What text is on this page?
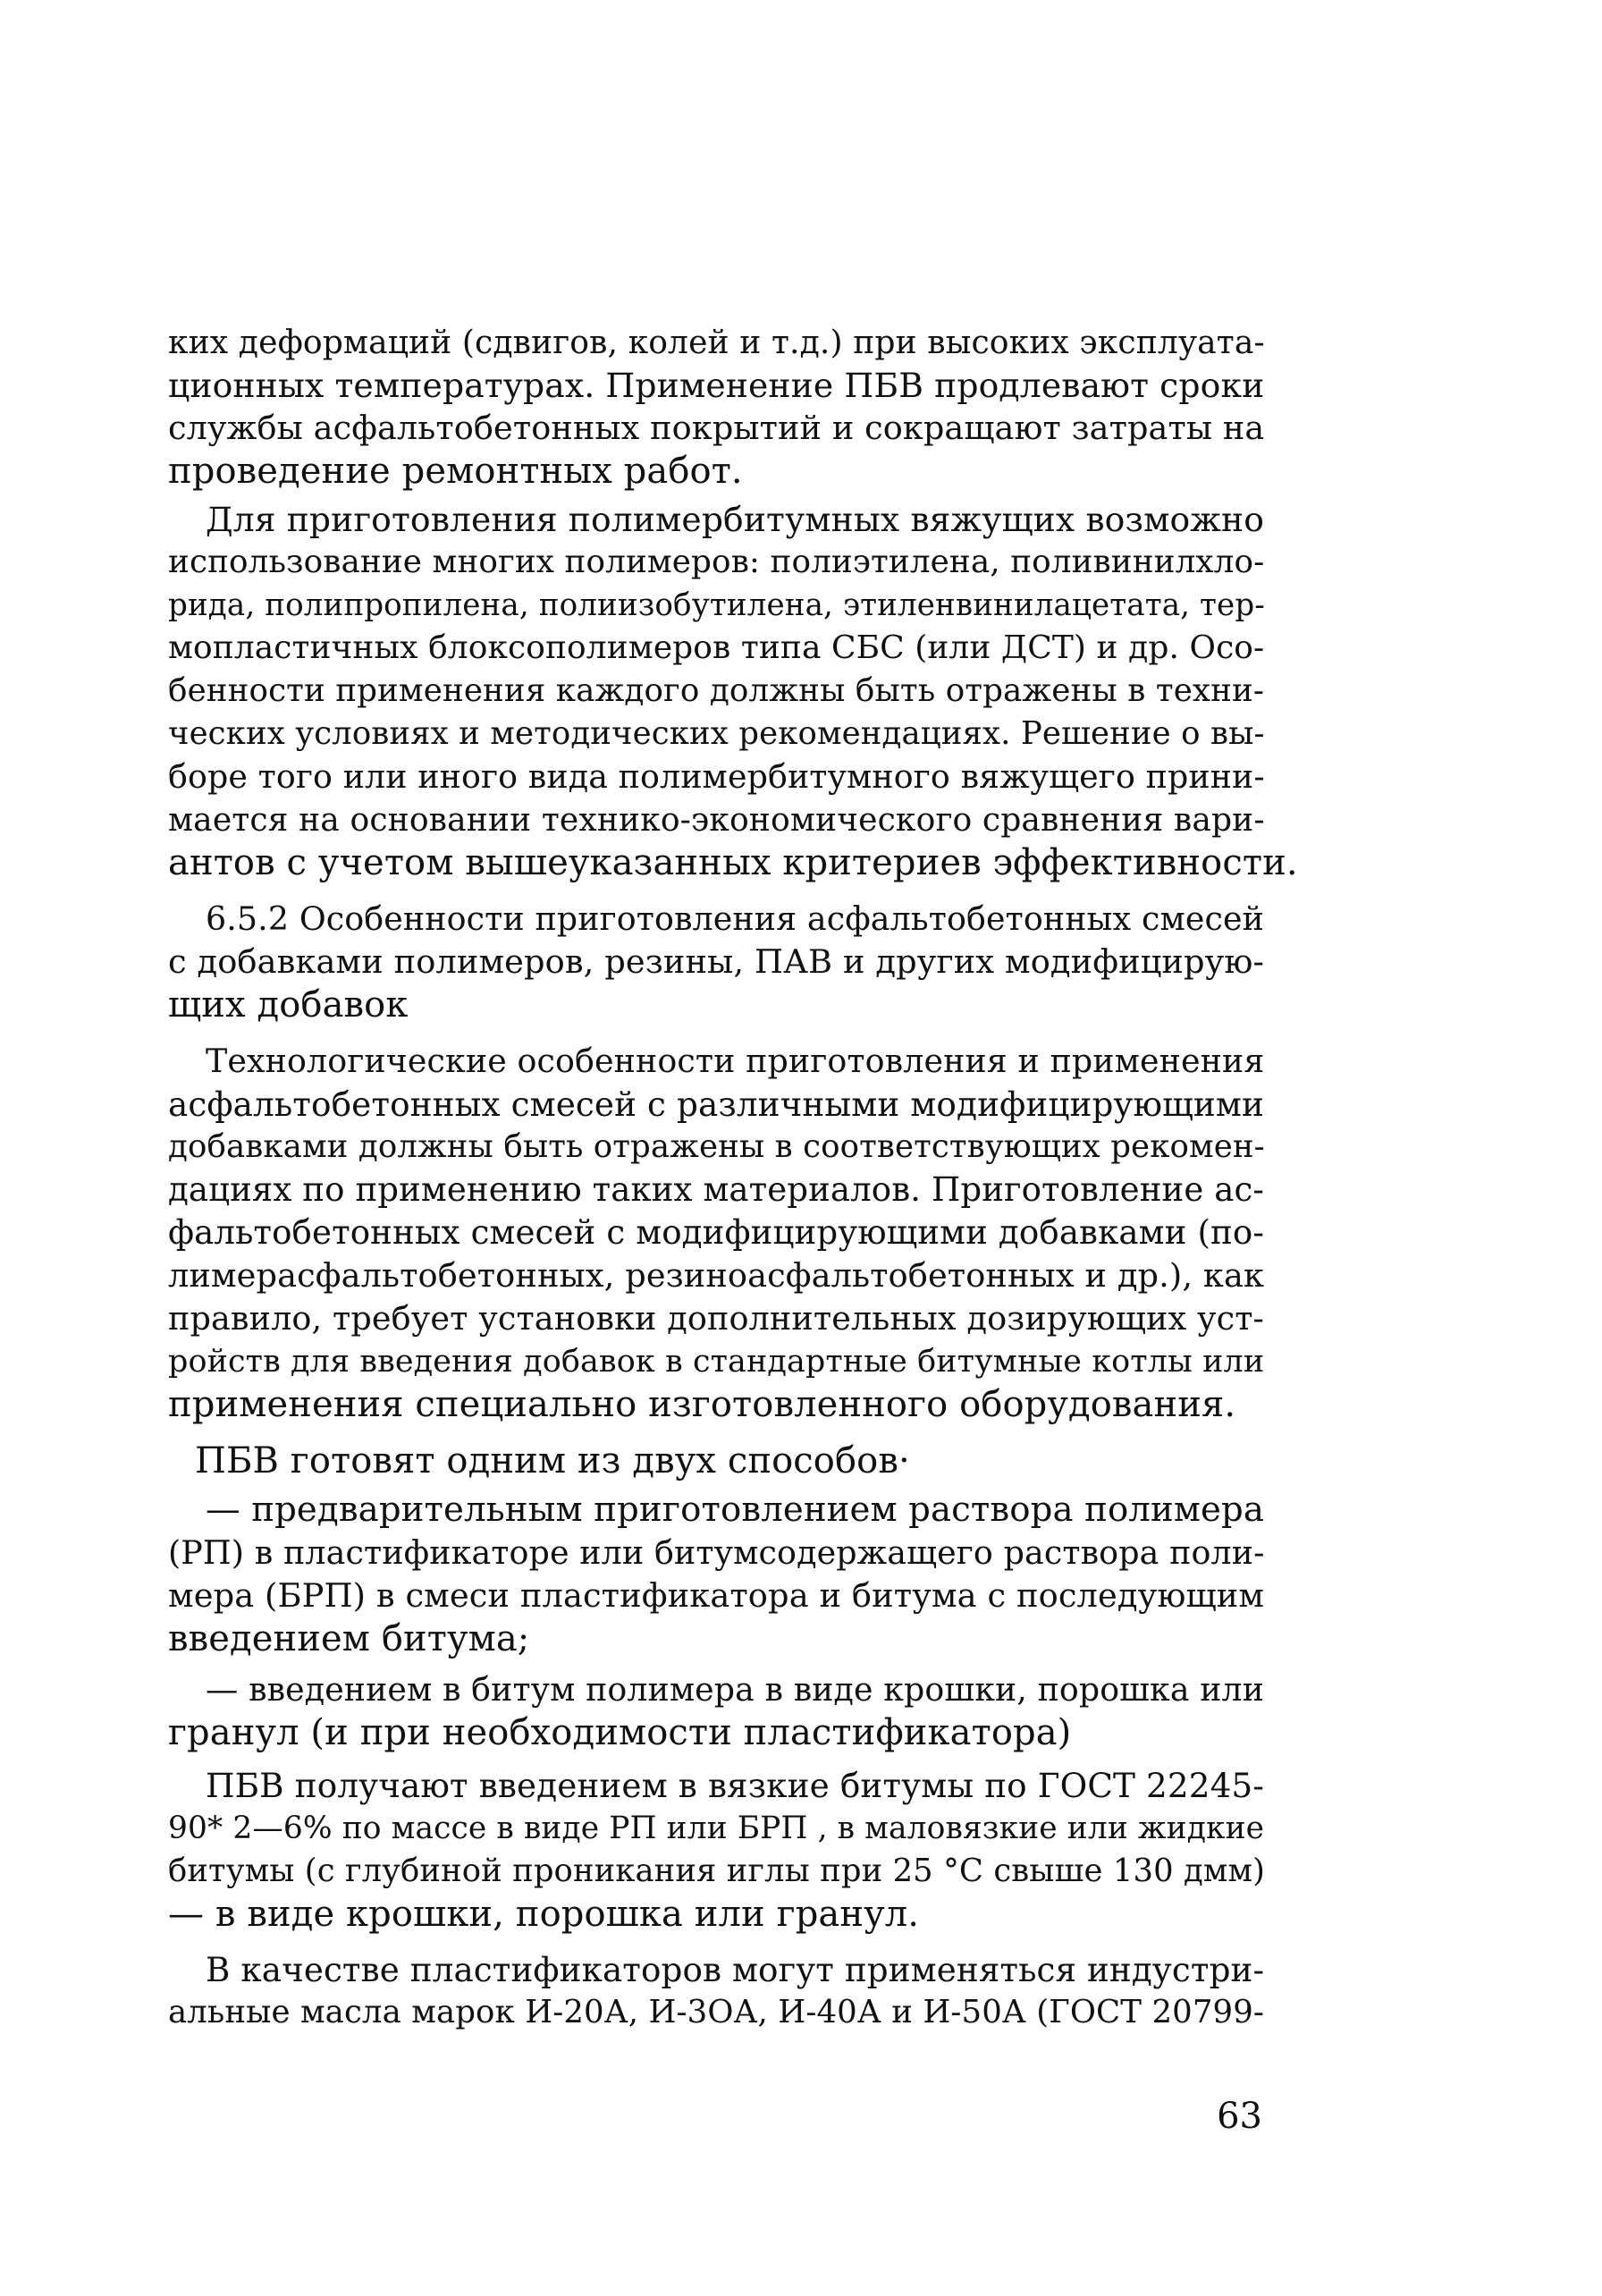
ких деформаций (сдвигов, колей и т.д.) при высоких эксплуата-
ционных температурах. Применение ПБВ продлевают сроки
службы асфальтобетонных покрытий и сокращают затраты на
проведение ремонтных работ.
Для приготовления полимербитумных вяжущих возможно
использование многих полимеров: полиэтилена, поливинилхло-
рида, полипропилена, полиизобутилена, этиленвинилацетата, тер-
мопластичных блоксополимеров типа СБС (или ДСТ) и др. Осо-
бенности применения каждого должны быть отражены в техни-
ческих условиях и методических рекомендациях. Решение о вы-
боре того или иного вида полимербитумного вяжущего прини-
мается на основании технико-экономического сравнения вари-
антов с учетом вышеуказанных критериев эффективности.
6.5.2 Особенности приготовления асфальтобетонных смесей
с добавками полимеров, резины, ПАВ и других модифицирую-
щих добавок
Технологические особенности приготовления и применения
асфальтобетонных смесей с различными модифицирующими
добавками должны быть отражены в соответствующих рекомен-
дациях по применению таких материалов. Приготовление ас-
фальтобетонных смесей с модифицирующими добавками (по-
лимерасфальтобетонных, резиноасфальтобетонных и др.), как
правило, требует установки дополнительных дозирующих уст-
ройств для введения добавок в стандартные битумные котлы или
применения специально изготовленного оборудования.
ПБВ готовят одним из двух способов·
— предварительным приготовлением раствора полимера
(РП) в пластификаторе или битумсодержащего раствора поли-
мера (БРП) в смеси пластификатора и битума с последующим
введением битума;
— введением в битум полимера в виде крошки, порошка или
гранул (и при необходимости пластификатора)
ПБВ получают введением в вязкие битумы по ГОСТ 22245-
90* 2—6% по массе в виде РП или БРП , в маловязкие или жидкие
битумы (с глубиной проникания иглы при 25 °С свыше 130 дмм)
— в виде крошки, порошка или гранул.
В качестве пластификаторов могут применяться индустри-
альные масла марок И-20А, И-3ОА, И-40А и И-50А (ГОСТ 20799-
63
